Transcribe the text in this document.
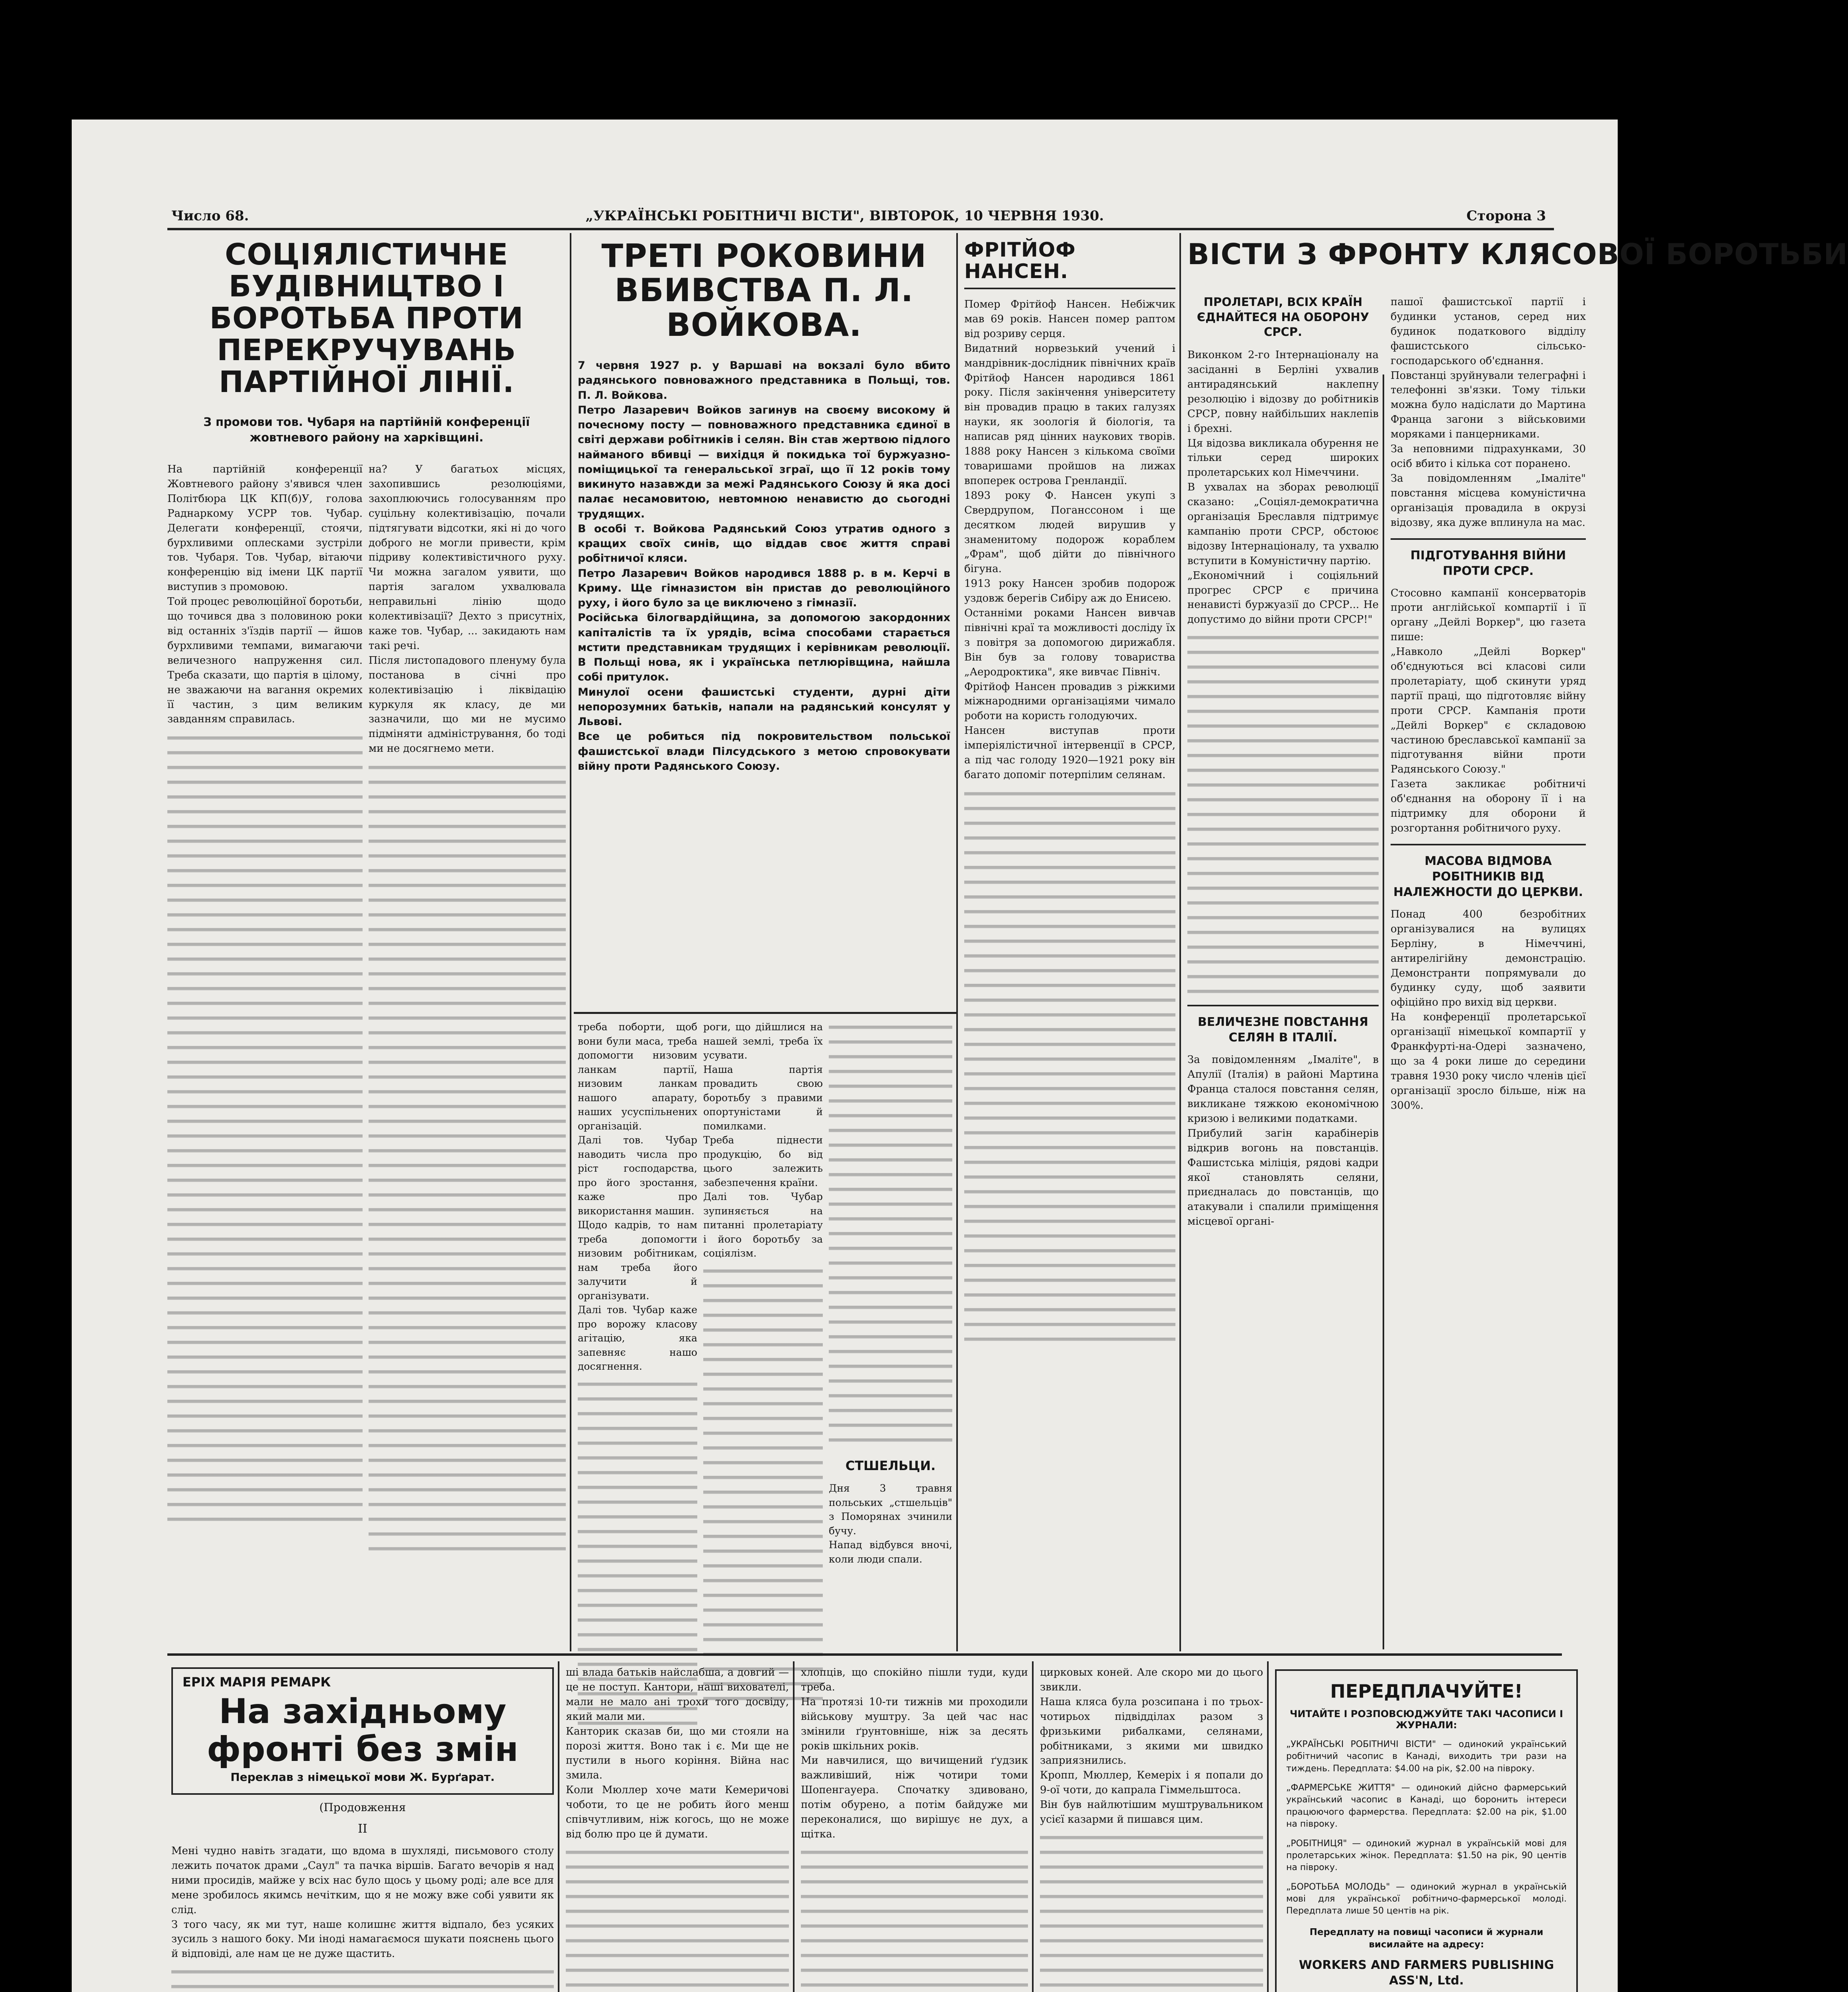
Число 68.	„УКРАЇНСЬКІ РОБІТНИЧІ ВІСТИ", ВІВТОРОК, 10 ЧЕРВНЯ 1930.	Сторона 3
СОЦІЯЛІСТИЧНЕ БУДІВНИЦТВО І БОРОТЬБА ПРОТИ ПЕРЕКРУЧУВАНЬ ПАРТІЙНОЇ ЛІНІЇ.

З промови тов. Чубаря на партійній конференції жовтневого району на харківщині.

На партійній конференції Жовтневого району з'явився член Політбюра ЦК КП(б)У, голова Раднаркому УСРР тов. Чубар. Делегати конференції, стоячи, бурхливими оплесками зустріли тов. Чубаря. Тов. Чубар, вітаючи конференцію від імени ЦК партії виступив з промовою.
Той процес революційної боротьби, що точився два з половиною роки від останніх з'їздів партії — йшов бурхливими темпами, вимагаючи величезного напруження сил. Треба сказати, що партія в цілому, не зважаючи на вагання окремих її частин, з цим великим завданням справилась.

на? У багатьох місцях, захопившись резолюціями, захоплюючись голосуванням про суцільну колективізацію, почали підтягувати відсотки, які ні до чого доброго не могли привести, крім підриву колективістичного руху. Чи можна загалом уявити, що партія загалом ухвалювала неправильні лінію щодо колективізації? Дехто з присутніх, каже тов. Чубар, ... закидають нам такі речі.
Після листопадового пленуму була постанова в січні про колективізацію і ліквідацію куркуля як класу, де ми зазначили, що ми не мусимо підміняти адміністрування, бо тоді ми не досягнемо мети.

ТРЕТІ РОКОВИНИ ВБИВСТВА П. Л. ВОЙКОВА.

7 червня 1927 р. у Варшаві на вокзалі було вбито радянського повноважного представника в Польщі, тов. П. Л. Войкова.
Петро Лазаревич Войков загинув на своєму високому й почесному посту — повноважного представника єдиної в світі держави робітників і селян. Він став жертвою підлого найманого вбивці — вихідця й покидька тої буржуазно-поміщицької та генеральської зграї, що її 12 років тому викинуто назавжди за межі Радянського Союзу й яка досі палає несамовитою, невтомною ненавистю до сьогодні трудящих.
В особі т. Войкова Радянський Союз утратив одного з кращих своїх синів, що віддав своє життя справі робітничої кляси.
Петро Лазаревич Войков народився 1888 р. в м. Керчі в Криму. Ще гімназистом він пристав до революційного руху, і його було за це виключено з гімназії.
Російська білогвардійщина, за допомогою закордонних капіталістів та їх урядів, всіма способами старається мстити представникам трудящих і керівникам революції. В Польщі нова, як і українська петлюрівщина, найшла собі притулок.
Минулої осени фашистські студенти, дурні діти непорозумних батьків, напали на радянський консулят у Львові.
Все це робиться під покровительством польської фашистської влади Пілсудського з метою спровокувати війну проти Радянського Союзу.

треба поборти, щоб вони були маса, треба допомогти низовим ланкам партії, низовим ланкам нашого апарату, наших усуспільнених організацій.
Далі тов. Чубар наводить числа про ріст господарства, про його зростання, каже про використання машин.
Щодо кадрів, то нам треба допомогти низовим робітникам, нам треба його залучити й організувати.
Далі тов. Чубар каже про ворожу класову агітацію, яка запевняє нашо досягнення.

роги, що дійшлися на нашей землі, треба їх усувати.
Наша партія провадить свою боротьбу з правими опортуністами й помилками.
Треба піднести продукцію, бо від цього залежить забезпечення країни.
Далі тов. Чубар зупиняється на питанні пролетаріату і його боротьбу за соціялізм.

СТШЕЛЬЦИ.

Дня 3 травня польських „стшельців" з Поморянах зчинили бучу.
Напад відбувся вночі, коли люди спали.

ФРІТЙОФ НАНСЕН.

Помер Фрітйоф Нансен. Небіжчик мав 69 років. Нансен помер раптом від розриву серця.
Видатний норвезький учений і мандрівник-дослідник північних країв Фрітйоф Нансен народився 1861 року. Після закінчення університету він провадив працю в таких галузях науки, як зоологія й біологія, та написав ряд цінних наукових творів. 1888 року Нансен з кількома своїми товаришами пройшов на лижах впоперек острова Гренландії.
1893 року Ф. Нансен укупі з Свердрупом, Поганссоном і ще десятком людей вирушив у знаменитому подорож кораблем „Фрам", щоб дійти до північного бігуна.
1913 року Нансен зробив подорож уздовж берегів Сибіру аж до Енисею.
Останніми роками Нансен вивчав північні краї та можливості досліду їх з повітря за допомогою дирижабля. Він був за голову товариства „Аеродроктика", яке вивчає Північ.
Фрітйоф Нансен провадив з ріжкими міжнародними організаціями чимало роботи на користь голодуючих.
Нансен виступав проти імперіялістичної інтервенції в СРСР, а під час голоду 1920—1921 року він багато допоміг потерпілим селянам.

ВІСТИ З ФРОНТУ КЛЯСОВОЇ БОРОТЬБИ

ПРОЛЕТАРІ, ВСІХ КРАЇН ЄДНАЙТЕСЯ НА ОБОРОНУ СРСР.

Виконком 2-го Інтернаціоналу на засіданні в Берліні ухвалив антирадянський наклепну резолюцію і відозву до робітників СРСР, повну найбільших наклепів і брехні.
Ця відозва викликала обурення не тільки серед широких пролетарських кол Німеччини.
В ухвалах на зборах революції сказано: „Соціял-демократична організація Бреславля підтримує кампанію проти СРСР, обстоює відозву Інтернаціоналу, та ухвалю вступити в Комуністичну партію.
„Економічний і соціяльний прогрес СРСР є причина ненависті буржуазії до СРСР... Не допустимо до війни проти СРСР!"

ВЕЛИЧЕЗНЕ ПОВСТАННЯ СЕЛЯН В ІТАЛІЇ.

За повідомленням „Імаліте", в Апулії (Італія) в районі Мартина Франца сталося повстання селян, викликане тяжкою економічною кризою і великими податками.
Прибулий загін карабінерів відкрив вогонь на повстанців. Фашистська міліція, рядові кадри якої становлять селяни, приєдналась до повстанців, що атакували і спалили приміщення місцевої органі-

пашої фашистської партії і будинки установ, серед них будинок податкового відділу фашистського сільсько-господарського об'єднання.
Повстанці зруйнували телеграфні і телефонні зв'язки. Тому тільки можна було надіслати до Мартина Франца загони з військовими моряками і панцерниками.
За неповними підрахунками, 30 осіб вбито і кілька сот поранено.
За повідомленням „Імаліте" повстання місцева комуністична організація провадила в окрузі відозву, яка дуже вплинула на мас.

ПІДГОТУВАННЯ ВІЙНИ ПРОТИ СРСР.

Стосовно кампанії консерваторів проти англійської компартії і її органу „Дейлі Воркер", цю газета пише:
„Навколо „Дейлі Воркер" об'єднуються всі класові сили пролетаріату, щоб скинути уряд партії праці, що підготовляє війну проти СРСР. Кампанія проти „Дейлі Воркер" є складовою частиною бреславської кампанії за підготування війни проти Радянського Союзу."
Газета закликає робітничі об'єднання на оборону її і на підтримку для оборони й розгортання робітничого руху.

МАСОВА ВІДМОВА РОБІТНИКІВ ВІД НАЛЕЖНОСТИ ДО ЦЕРКВИ.

Понад 400 безробітних організувалися на вулицях Берліну, в Німеччині, антирелігійну демонстрацію. Демонстранти попрямували до будинку суду, щоб заявити офіційно про вихід від церкви.
На конференції пролетарської організації німецької компартії у Франкфурті-на-Одері зазначено, що за 4 роки лише до середини травня 1930 року число членів цієї організації зросло більше, ніж на 300%.

ЕРІХ МАРІЯ РЕМАРК
На західньому фронті без змін
Переклав з німецької мови Ж. Бурґарат.
(Продовження
II

Мені чудно навіть згадати, що вдома в шухляді, письмового столу лежить початок драми „Саул" та пачка віршів. Багато вечорів я над ними просидів, майже у всіх нас було щось у цьому роді; але все для мене зробилось якимсь нечітким, що я не можу вже собі уявити як слід.
З того часу, як ми тут, наше колишнє життя відпало, без усяких зусиль з нашого боку. Ми іноді намагаємося шукати пояснень цього й відповіді, але нам це не дуже щастить.

ші влада батьків найслабша, а довгий — це не поступ. Кантори, наші вихователі, мали не мало ані трохи того досвіду, який мали ми.
Канторик сказав би, що ми стояли на порозі життя. Воно так і є. Ми ще не пустили в нього коріння. Війна нас змила.
Коли Мюллер хоче мати Кемеричові чоботи, то це не робить його менш співчутливим, ніж когось, що не може від болю про це й думати.

хлопців, що спокійно пішли туди, куди треба.
На протязі 10-ти тижнів ми проходили військову муштру. За цей час нас змінили ґрунтовніше, ніж за десять років шкільних років.
Ми навчилися, що вичищений ґудзик важливіший, ніж чотири томи Шопенгауера. Спочатку здивовано, потім обурено, а потім байдуже ми переконалися, що вирішує не дух, а щітка.

цирковых коней. Але скоро ми до цього звикли.
Наша кляса була розсипана і по трьох-чотирьох підвідділах разом з фризькими рибалками, селянами, робітниками, з якими ми швидко заприязнились.
Кропп, Мюллер, Кемеріх і я попали до 9-ої чоти, до капрала Гіммельштоса.
Він був найлютішим муштрувальником усієї казарми й пишався цим.

ПЕРЕДПЛАЧУЙТЕ!
ЧИТАЙТЕ І РОЗПОВСЮДЖУЙТЕ ТАКІ ЧАСОПИСИ І ЖУРНАЛИ:

„УКРАЇНСЬКІ РОБІТНИЧІ ВІСТИ" — одинокий український робітничий часопис в Канаді, виходить три рази на тиждень. Передплата: $4.00 на рік, $2.00 на півроку.

„ФАРМЕРСЬКЕ ЖИТТЯ" — одинокий дійсно фармерський український часопис в Канаді, що боронить інтереси працюючого фармерства. Передплата: $2.00 на рік, $1.00 на півроку.

„РОБІТНИЦЯ" — одинокий журнал в українській мові для пролетарських жінок. Передплата: $1.50 на рік, 90 центів на півроку.

„БОРОТЬБА МОЛОДЬ" — одинокий журнал в українській мові для української робітничо-фармерської молоді. Передплата лише 50 центів на рік.

Передплату на повищі часописи й журнали висилайте на адресу:

WORKERS AND FARMERS PUBLISHING ASS'N, Ltd.
